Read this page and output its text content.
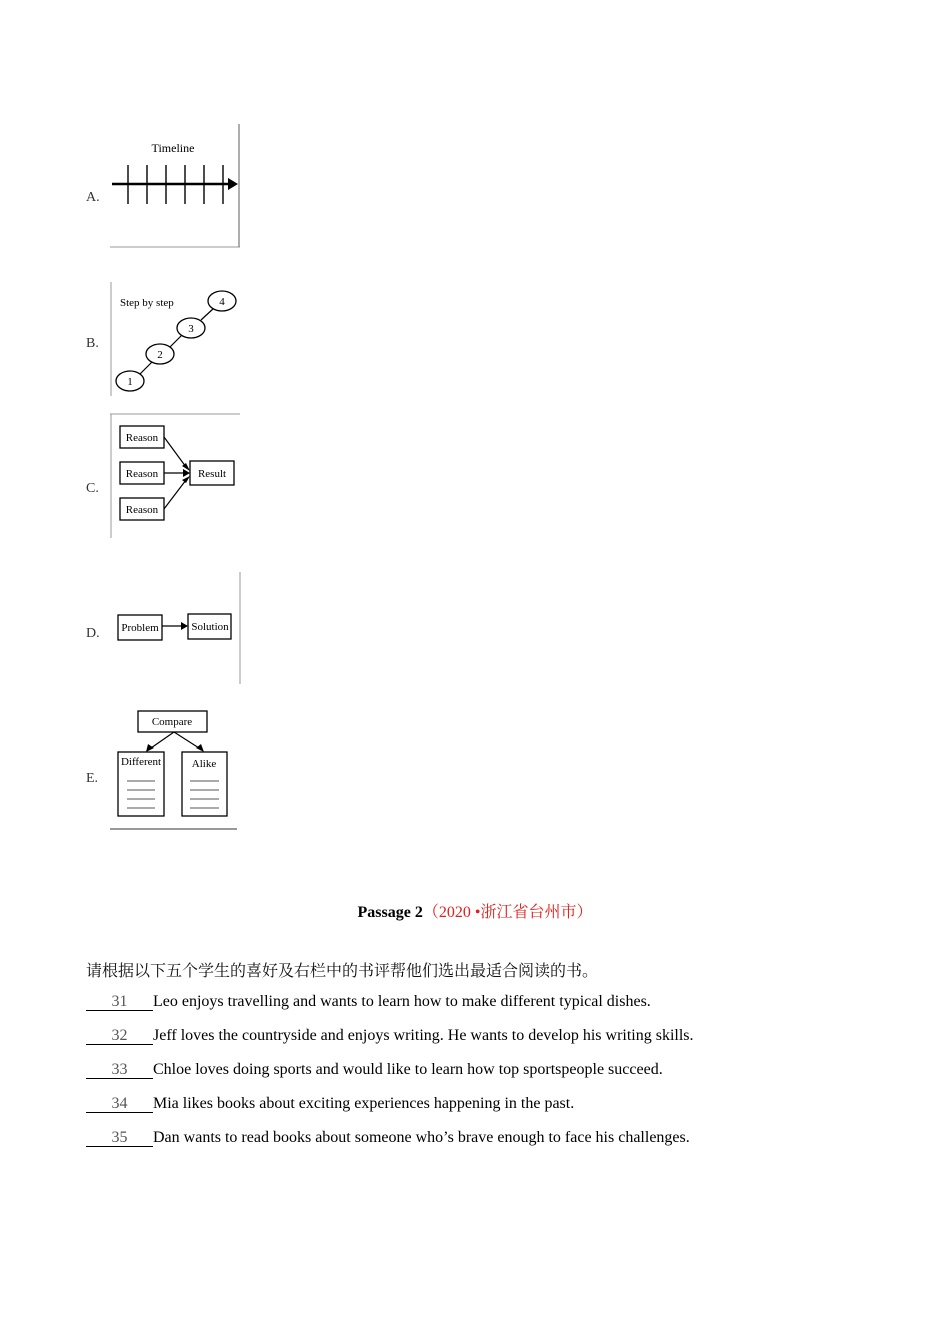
A.
Timeline
B.
Step by step
1
2
3
4
C.
Reason
Reason
Reason
Result
D. Problem	Solution
E.
Compare
Different	Alike
Passage 2（2020 •浙江省台州市）
请根据以下五个学生的喜好及右栏中的书评帮他们选出最适合阅读的书。
31 Leo enjoys travelling and wants to learn how to make different typical dishes.
32 Jeff loves the countryside and enjoys writing. He wants to develop his writing skills.
33 Chloe loves doing sports and would like to learn how top sportspeople succeed.
34 Mia likes books about exciting experiences happening in the past.
35 Dan wants to read books about someone who’s brave enough to face his challenges.
